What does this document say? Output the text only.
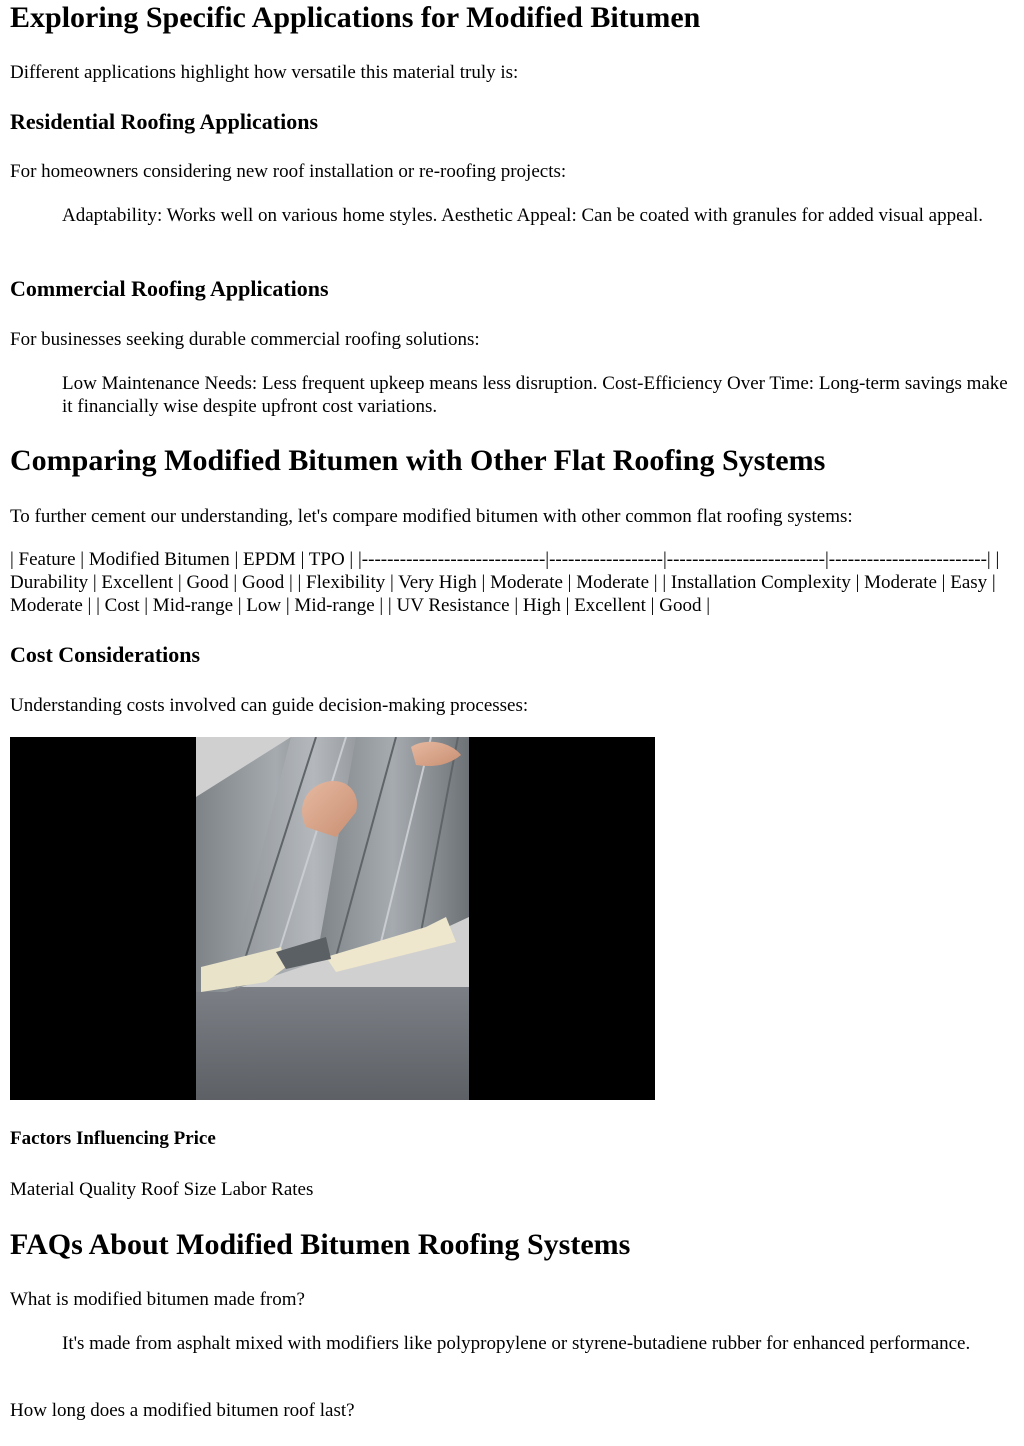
Exploring Specific Applications for Modified Bitumen

Different applications highlight how versatile this material truly is:

Residential Roofing Applications

For homeowners considering new roof installation or re-roofing projects:

Adaptability: Works well on various home styles. Aesthetic Appeal: Can be coated with granules for added visual appeal.
Commercial Roofing Applications

For businesses seeking durable commercial roofing solutions:

Low Maintenance Needs: Less frequent upkeep means less disruption. Cost-Efficiency Over Time: Long-term savings make it financially wise despite upfront cost variations.
Comparing Modified Bitumen with Other Flat Roofing Systems

To further cement our understanding, let's compare modified bitumen with other common flat roofing systems:

| Feature | Modified Bitumen | EPDM | TPO | |-----------------------------|------------------|-------------------------|-------------------------| | Durability | Excellent | Good | Good | | Flexibility | Very High | Moderate | Moderate | | Installation Complexity | Moderate | Easy | Moderate | | Cost | Mid-range | Low | Mid-range | | UV Resistance | High | Excellent | Good |

Cost Considerations

Understanding costs involved can guide decision-making processes:

Factors Influencing Price

Material Quality Roof Size Labor Rates

FAQs About Modified Bitumen Roofing Systems

What is modified bitumen made from?

It's made from asphalt mixed with modifiers like polypropylene or styrene-butadiene rubber for enhanced performance.

How long does a modified bitumen roof last?
